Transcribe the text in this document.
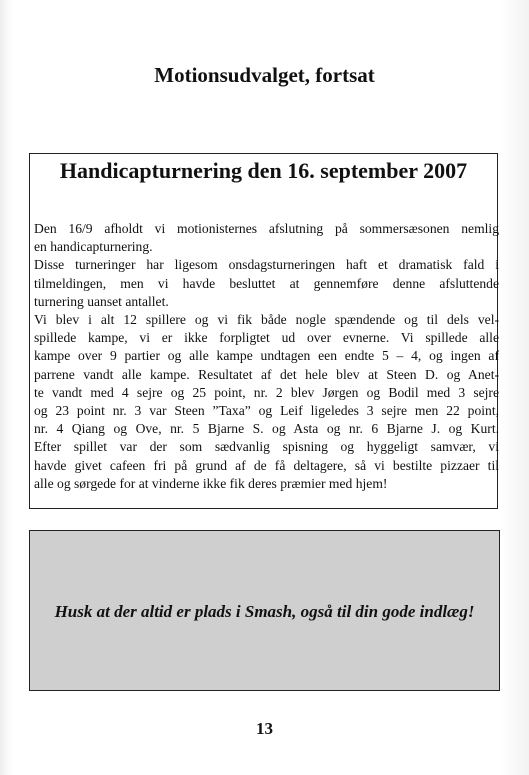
Motionsudvalget, fortsat
Handicapturnering den 16. september 2007
Den 16/9 afholdt vi motionisternes afslutning på sommersæsonen nemlig
en handicapturnering.
Disse turneringer har ligesom onsdagsturneringen haft et dramatisk fald i
tilmeldingen, men vi havde besluttet at gennemføre denne afsluttende
turnering uanset antallet.
Vi blev i alt 12 spillere og vi fik både nogle spændende og til dels vel-
spillede kampe, vi er ikke forpligtet ud over evnerne. Vi spillede alle
kampe over 9 partier og alle kampe undtagen een endte 5 – 4, og ingen af
parrene vandt alle kampe. Resultatet af det hele blev at Steen D. og Anet-
te vandt med 4 sejre og 25 point, nr. 2 blev Jørgen og Bodil med 3 sejre
og 23 point nr. 3 var Steen ”Taxa” og Leif ligeledes 3 sejre men 22 point,
nr. 4 Qiang og Ove, nr. 5 Bjarne S. og Asta og nr. 6 Bjarne J. og Kurt.
Efter spillet var der som sædvanlig spisning og hyggeligt samvær, vi
havde givet cafeen fri på grund af de få deltagere, så vi bestilte pizzaer til
alle og sørgede for at vinderne ikke fik deres præmier med hjem!
Husk at der altid er plads i Smash, også til din gode indlæg!
13
